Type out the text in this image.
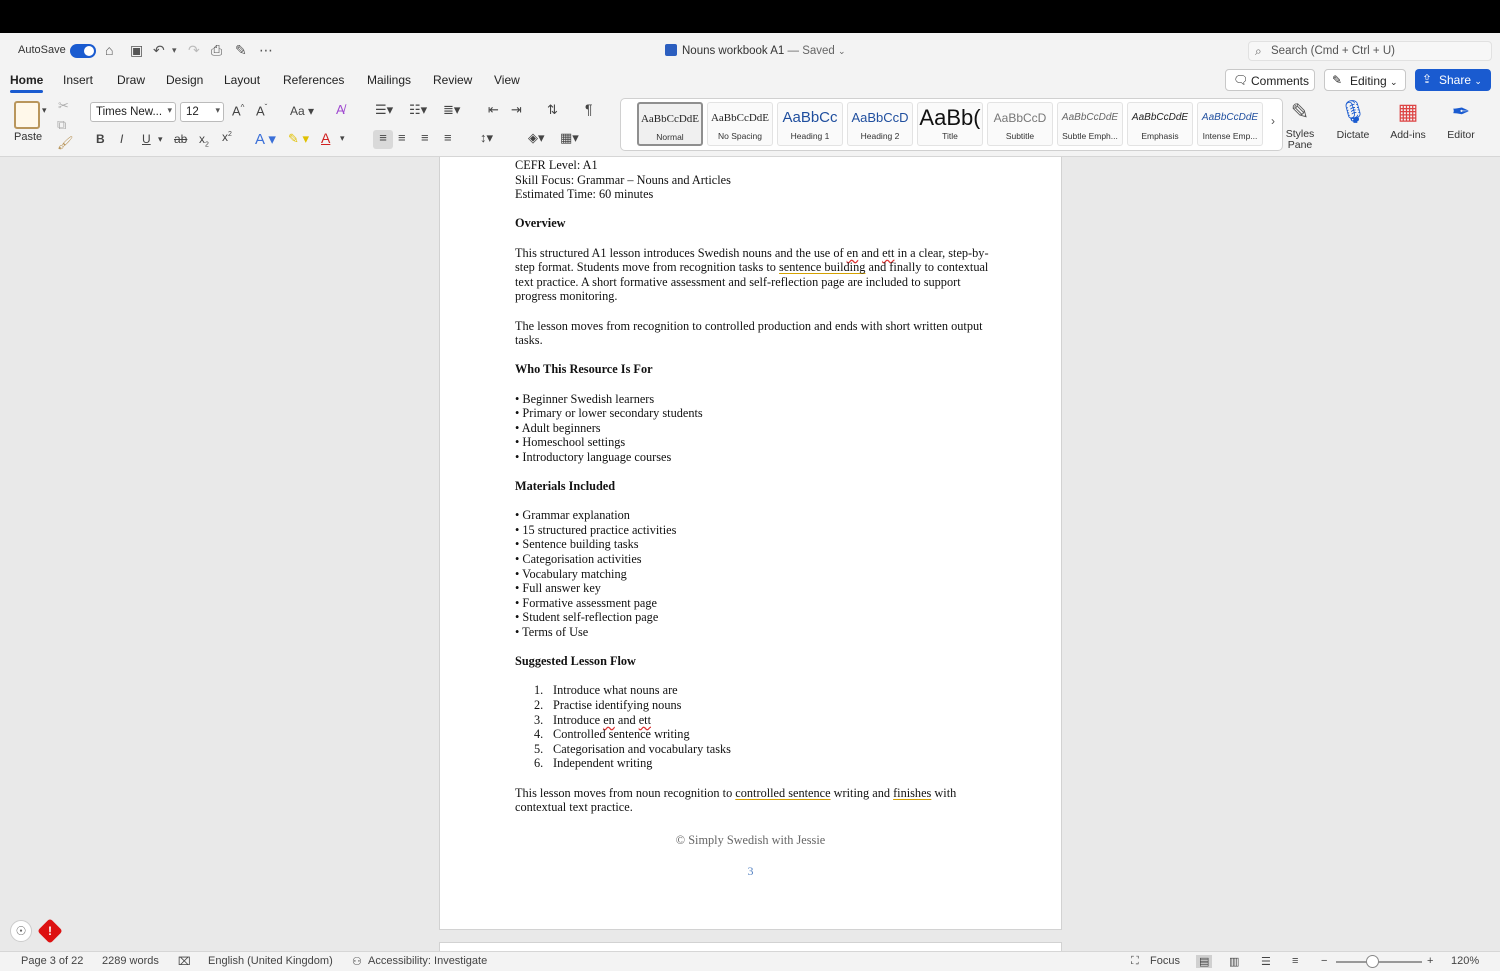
AutoSave	⌂ ▣ ↶ ▾ ↷ ⎙ ✎ ⋯	Nouns workbook A1 — Saved ⌄	⌕ Search (Cmd + Ctrl + U)
Home Insert Draw Design Layout References Mailings Review View	🗨 Comments	✎ Editing ⌄	⇪ Share ⌄
▾
Paste
✂
⧉
🖌
Times New... ▾	12 ▾ A^ $A^ˇ$ Aa ▾ A̸
B I U ▾ ab $x_2$
$x^2$ A ▾ ✎ ▾ A ▾
☰▾ ☷▾ ≣▾ ⇤ ⇥ ⇅ ¶
≡ ≡ ≡ ≡ ↕▾	◈▾ ▦▾
AaBbCcDdE
Normal
AaBbCcDdE
No Spacing
AaBbCc
Heading 1
AaBbCcD
Heading 2
AaBb(
Title
AaBbCcD
Subtitle
AaBbCcDdE
Subtle Emph...
AaBbCcDdE
Emphasis
AaBbCcDdE
Intense Emp...
› ✎
Styles Pane
🎙
Dictate
▦
Add-ins
✒
Editor

CEFR Level: A1

Skill Focus: Grammar – Nouns and Articles

Estimated Time: 60 minutes

Overview

This structured A1 lesson introduces Swedish nouns and the use of en and ett in a clear, step-by-step format. Students move from recognition tasks to sentence building and finally to contextual text practice. A short formative assessment and self-reflection page are included to support progress monitoring.

The lesson moves from recognition to controlled production and ends with short written output tasks.

Who This Resource Is For

• Beginner Swedish learners

• Primary or lower secondary students

• Adult beginners

• Homeschool settings

• Introductory language courses

Materials Included

• Grammar explanation

• 15 structured practice activities

• Sentence building tasks

• Categorisation activities

• Vocabulary matching

• Full answer key

• Formative assessment page

• Student self-reflection page

• Terms of Use

Suggested Lesson Flow
1. Introduce what nouns are
2. Practise identifying nouns
3. Introduce en and ett
4. Controlled sentence writing
5. Categorisation and vocabulary tasks
6. Independent writing

This lesson moves from noun recognition to controlled sentence writing and finishes with contextual text practice.

© Simply Swedish with Jessie
3
☉	!
Page 3 of 22 2289 words ⌧ English (United Kingdom) ⚇ Accessibility: Investigate	⛶ Focus ▤ ▥ ☰ ≡ −	+ 120%
